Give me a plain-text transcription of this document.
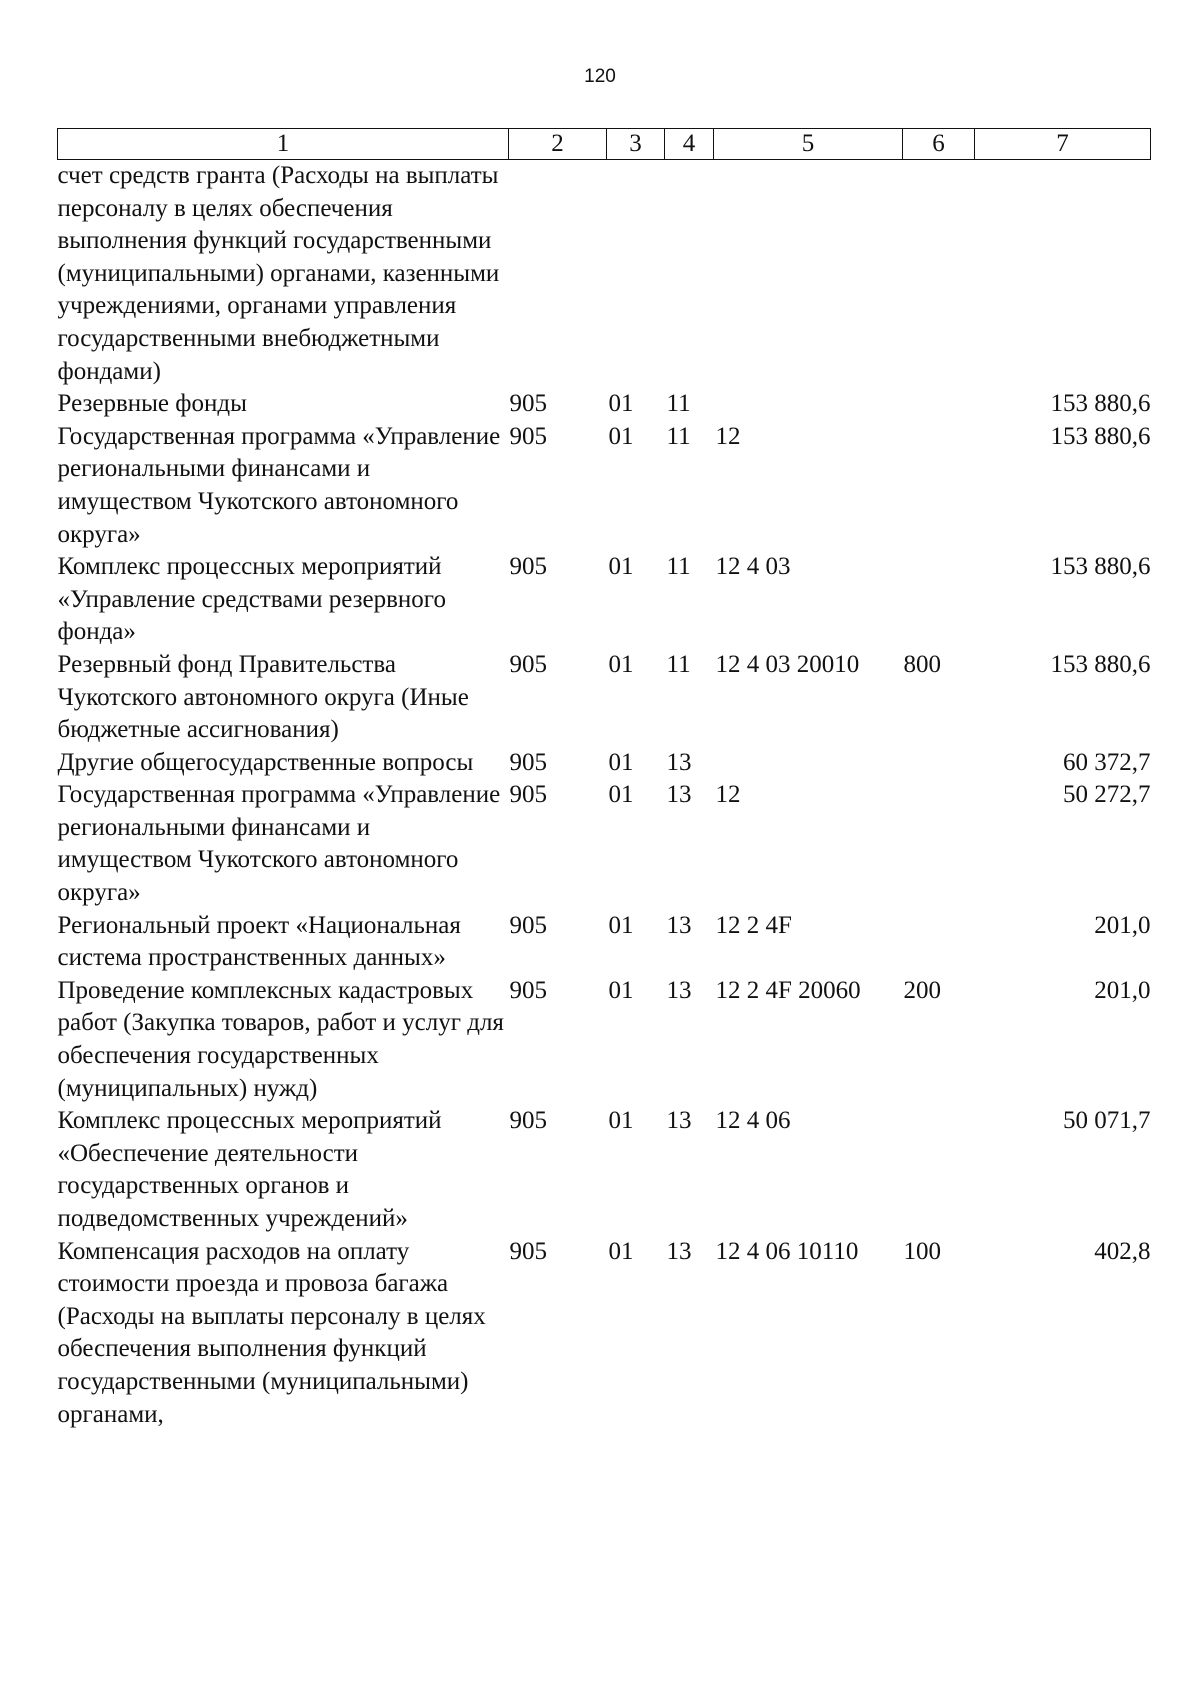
120
1	2	3	4	5	6	7
счет средств гранта (Расходы на выплаты персоналу в целях обеспечения выполнения функций государственными (муниципальными) органами, казенными учреждениями, органами управления государственными внебюджетными фондами)						
Резервные фонды	905	01	11			153 880,6
Государственная программа «Управление региональными финансами и имуществом Чукотского автономного округа»	905	01	11	12		153 880,6
Комплекс процессных мероприятий «Управление средствами резервного фонда»	905	01	11	12 4 03		153 880,6
Резервный фонд Правительства Чукотского автономного округа (Иные бюджетные ассигнования)	905	01	11	12 4 03 20010	800	153 880,6
Другие общегосударственные вопросы	905	01	13			60 372,7
Государственная программа «Управление региональными финансами и имуществом Чукотского автономного округа»	905	01	13	12		50 272,7
Региональный проект «Национальная система пространственных данных»	905	01	13	12 2 4F		201,0
Проведение комплексных кадастровых работ (Закупка товаров, работ и услуг для обеспечения государственных (муниципальных) нужд)	905	01	13	12 2 4F 20060	200	201,0
Комплекс процессных мероприятий «Обеспечение деятельности государственных органов и подведомственных учреждений»	905	01	13	12 4 06		50 071,7
Компенсация расходов на оплату стоимости проезда и провоза багажа (Расходы на выплаты персоналу в целях обеспечения выполнения функций государственными (муниципальными) органами,	905	01	13	12 4 06 10110	100	402,8
